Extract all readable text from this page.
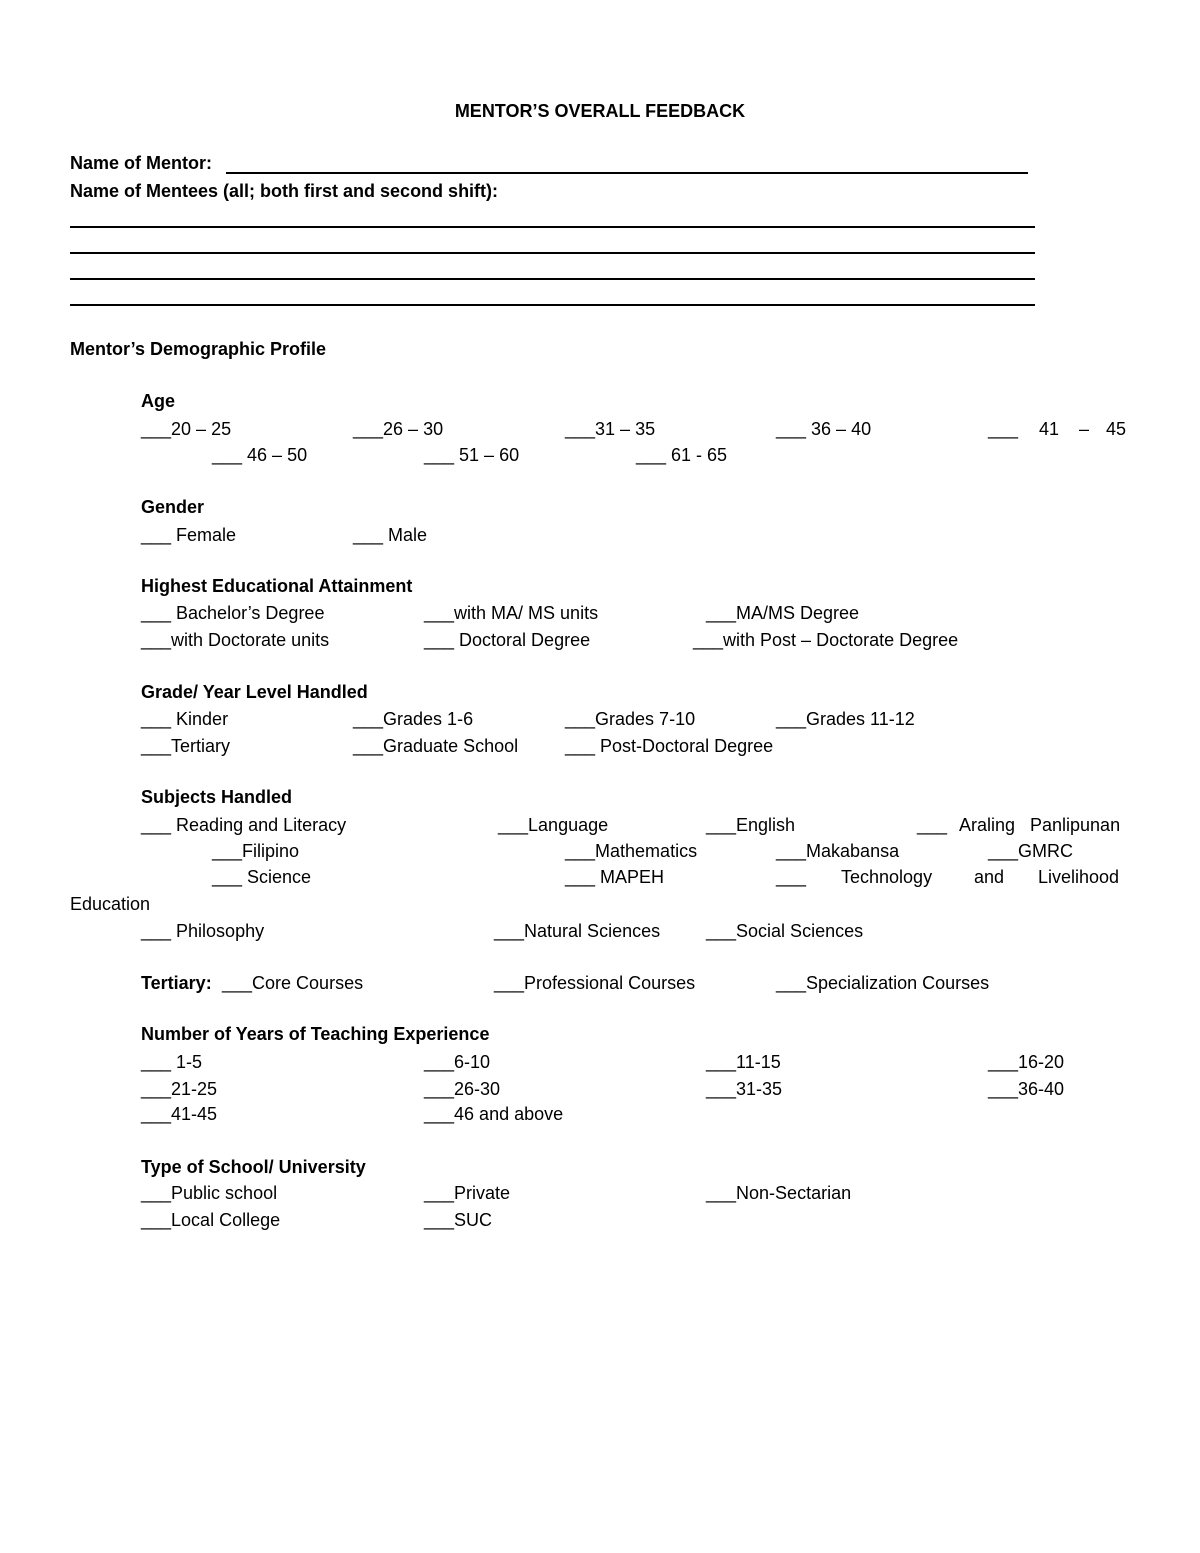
MENTOR’S OVERALL FEEDBACK
Name of Mentor:
Name of Mentees (all; both first and second shift):
Mentor’s Demographic Profile
Age
___20 – 25	___26 – 30	___31 – 35	___ 36 – 40	___ 41 – 45
___ 46 – 50	___ 51 – 60	___ 61 - 65
Gender
___ Female	___ Male
Highest Educational Attainment
___ Bachelor’s Degree	___with MA/ MS units	___MA/MS Degree
___with Doctorate units	___ Doctoral Degree	___with Post – Doctorate Degree
Grade/ Year Level Handled
___ Kinder	___Grades 1-6	___Grades 7-10	___Grades 11-12
___Tertiary	___Graduate School	___ Post-Doctoral Degree
Subjects Handled
___ Reading and Literacy	___Language	___English	___ Araling Panlipunan
___Filipino	___Mathematics	___Makabansa	___GMRC
___ Science	___ MAPEH	___ Technology and Livelihood
Education
___ Philosophy	___Natural Sciences	___Social Sciences
Tertiary: ___Core Courses	___Professional Courses	___Specialization Courses
Number of Years of Teaching Experience
___ 1-5	___6-10	___11-15	___16-20
___21-25	___26-30	___31-35	___36-40
___41-45	___46 and above
Type of School/ University
___Public school	___Private	___Non-Sectarian
___Local College	___SUC
